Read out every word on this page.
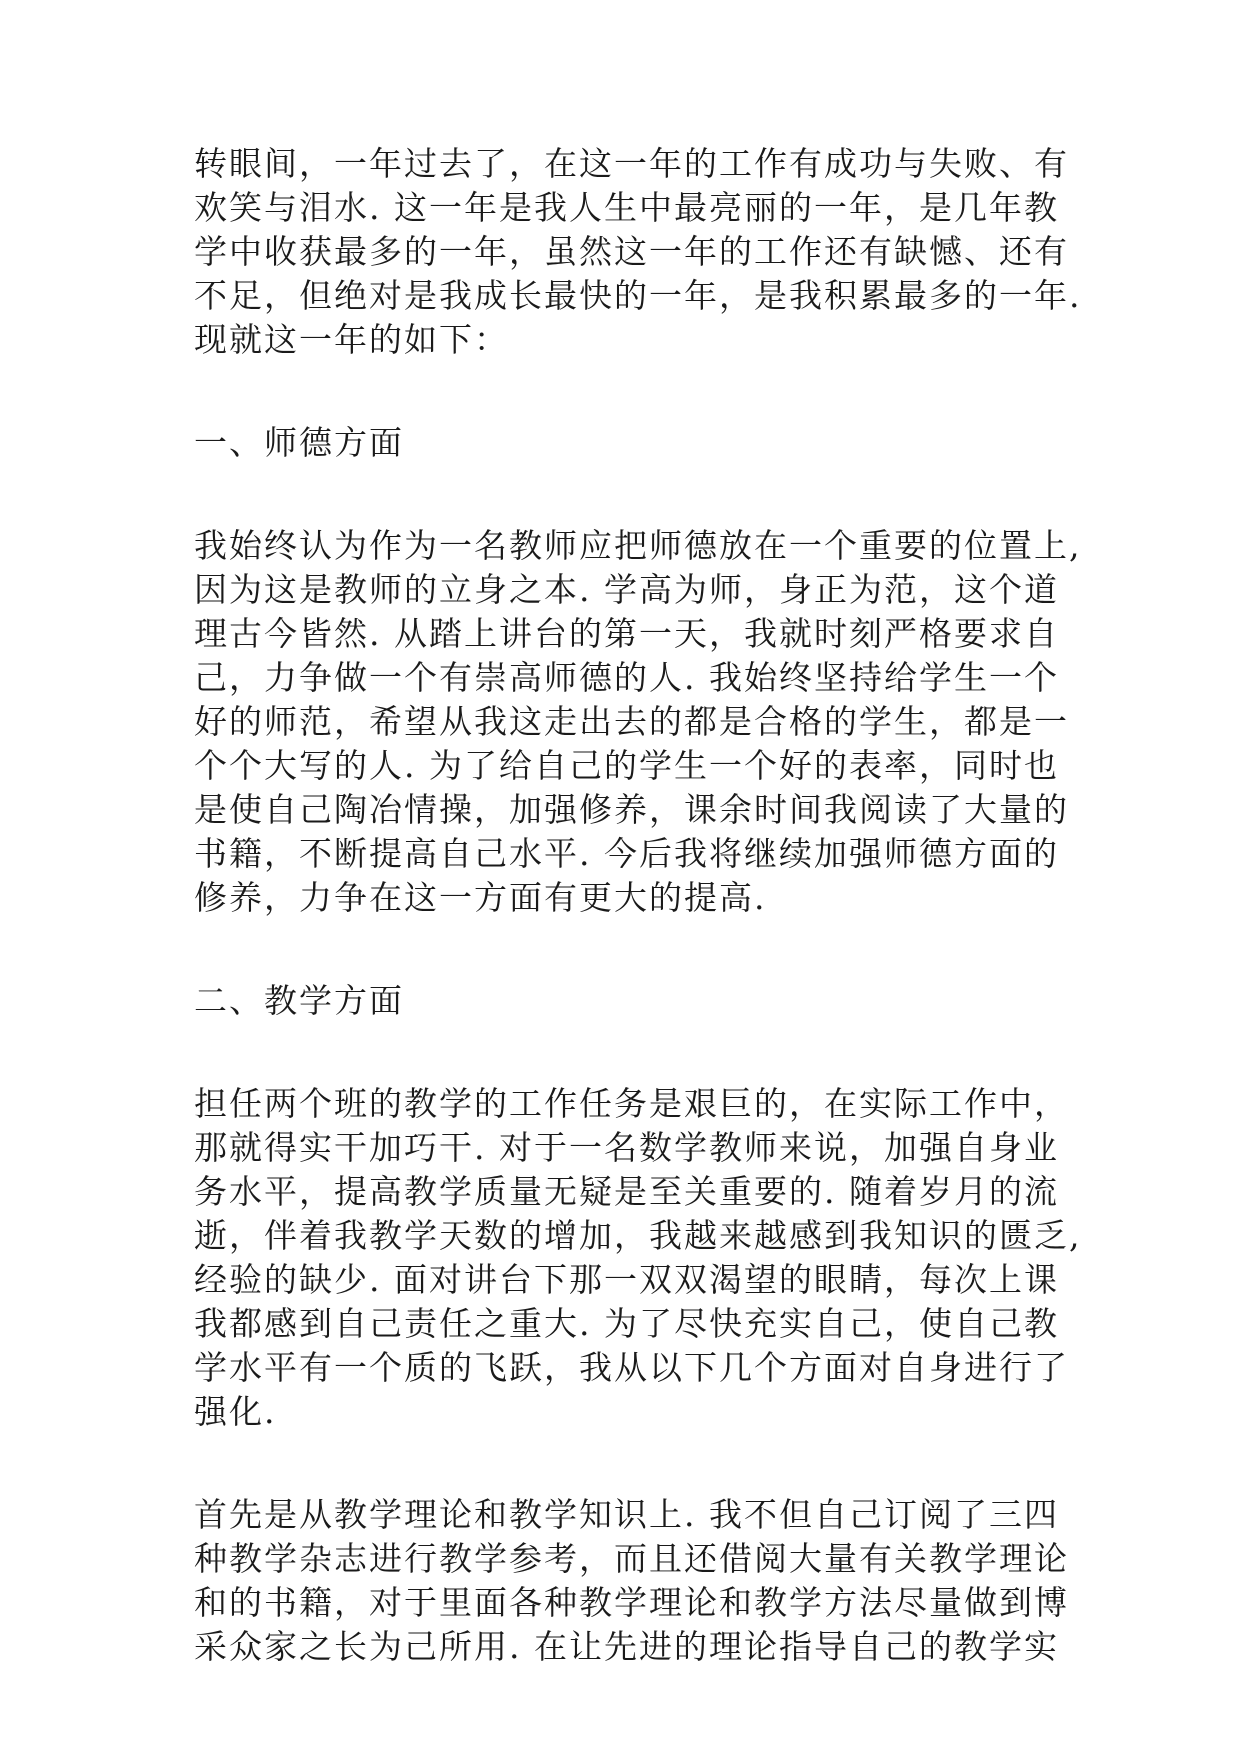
转眼间，一年过去了，在这一年的工作有成功与失败、有
欢笑与泪水. 这一年是我人生中最亮丽的一年，是几年教
学中收获最多的一年，虽然这一年的工作还有缺憾、还有
不足，但绝对是我成长最快的一年，是我积累最多的一年.
现就这一年的如下：

一、师德方面

我始终认为作为一名教师应把师德放在一个重要的位置上,
因为这是教师的立身之本. 学高为师，身正为范，这个道
理古今皆然. 从踏上讲台的第一天，我就时刻严格要求自
己，力争做一个有崇高师德的人. 我始终坚持给学生一个
好的师范，希望从我这走出去的都是合格的学生，都是一
个个大写的人. 为了给自己的学生一个好的表率，同时也
是使自己陶冶情操，加强修养，课余时间我阅读了大量的
书籍，不断提高自己水平. 今后我将继续加强师德方面的
修养，力争在这一方面有更大的提高.

二、教学方面

担任两个班的教学的工作任务是艰巨的，在实际工作中，
那就得实干加巧干. 对于一名数学教师来说，加强自身业
务水平，提高教学质量无疑是至关重要的. 随着岁月的流
逝，伴着我教学天数的增加，我越来越感到我知识的匮乏,
经验的缺少. 面对讲台下那一双双渴望的眼睛，每次上课
我都感到自己责任之重大. 为了尽快充实自己，使自己教
学水平有一个质的飞跃，我从以下几个方面对自身进行了
强化.

首先是从教学理论和教学知识上. 我不但自己订阅了三四
种教学杂志进行教学参考，而且还借阅大量有关教学理论
和的书籍，对于里面各种教学理论和教学方法尽量做到博
采众家之长为己所用. 在让先进的理论指导自己的教学实
